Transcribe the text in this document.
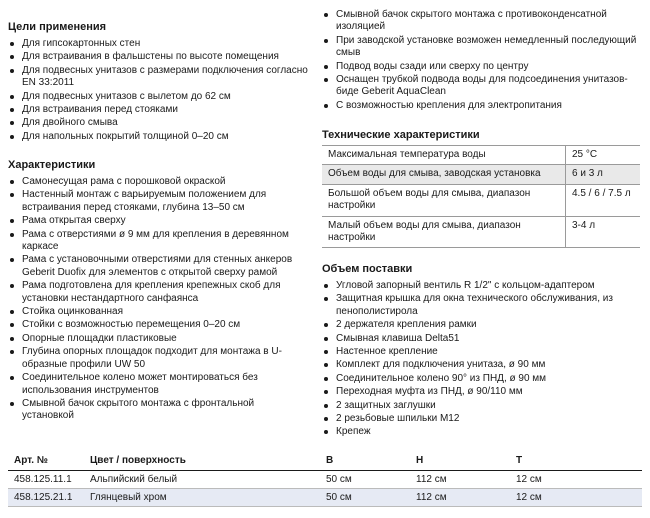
Цели применения
Для гипсокартонных стен
Для встраивания в фальшстены по высоте помещения
Для подвесных унитазов с размерами подключения согласно EN 33:2011
Для подвесных унитазов с вылетом до 62 см
Для встраивания перед стояками
Для двойного смыва
Для напольных покрытий толщиной 0–20 см
Характеристики
Самонесущая рама с порошковой окраской
Настенный монтаж с варьируемым положением для встраивания перед стояками, глубина 13–50 см
Рама открытая сверху
Рама с отверстиями ø 9 мм для крепления в деревянном каркасе
Рама с установочными отверстиями для стенных анкеров Geberit Duofix для элементов с открытой сверху рамой
Рама подготовлена для крепления крепежных скоб для установки нестандартного санфаянса
Стойка оцинкованная
Стойки с возможностью перемещения 0–20 см
Опорные площадки пластиковые
Глубина опорных площадок подходит для монтажа в U-образные профили UW 50
Соединительное колено может монтироваться без использования инструментов
Смывной бачок скрытого монтажа с фронтальной установкой
Смывной бачок скрытого монтажа с противоконденсатной изоляцией
При заводской установке возможен немедленный последующий смыв
Подвод воды сзади или сверху по центру
Оснащен трубкой подвода воды для подсоединения унитазов-биде Geberit AquaClean
С возможностью крепления для электропитания
Технические характеристики
Максимальная температура воды	25 °C
Объем воды для смыва, заводская установка	6 и 3 л
Большой объем воды для смыва, диапазон настройки	4.5 / 6 / 7.5 л
Малый объем воды для смыва, диапазон настройки	3-4 л
Объем поставки
Угловой запорный вентиль R 1/2" с кольцом-адаптером
Защитная крышка для окна технического обслуживания, из пенополистирола
2 держателя крепления рамки
Смывная клавиша Delta51
Настенное крепление
Комплект для подключения унитаза, ø 90 мм
Соединительное колено 90° из ПНД, ø 90 мм
Переходная муфта из ПНД, ø 90/110 мм
2 защитных заглушки
2 резьбовые шпильки M12
Крепеж
Арт. №	Цвет / поверхность	B	H	T
458.125.11.1	Альпийский белый	50 см	112 см	12 см
458.125.21.1	Глянцевый хром	50 см	112 см	12 см
